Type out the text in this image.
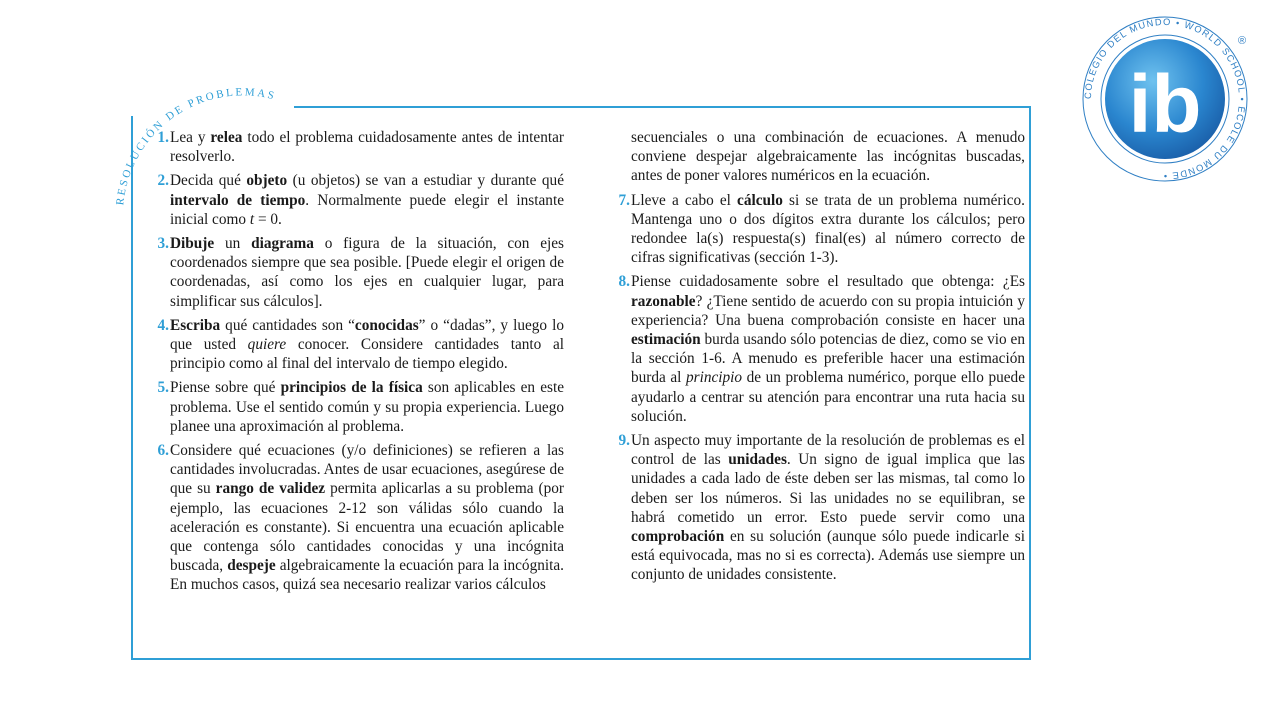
RESOLUCIÓN DE PROBLEMAS
1. Lea y relea todo el problema cuidadosamente antes de intentar resolverlo.
2. Decida qué objeto (u objetos) se van a estudiar y durante qué intervalo de tiempo. Normalmente puede elegir el instante inicial como t = 0.
3. Dibuje un diagrama o figura de la situación, con ejes coordenados siempre que sea posible. [Puede elegir el origen de coordenadas, así como los ejes en cualquier lugar, para simplificar sus cálculos].
4. Escriba qué cantidades son “conocidas” o “dadas”, y luego lo que usted quiere conocer. Considere cantidades tanto al principio como al final del intervalo de tiempo elegido.
5. Piense sobre qué principios de la física son aplicables en este problema. Use el sentido común y su propia experiencia. Luego planee una aproximación al problema.
6. Considere qué ecuaciones (y/o definiciones) se refieren a las cantidades involucradas. Antes de usar ecuaciones, asegúrese de que su rango de validez permita aplicarlas a su problema (por ejemplo, las ecuaciones 2-12 son válidas sólo cuando la aceleración es constante). Si encuentra una ecuación aplicable que contenga sólo cantidades conocidas y una incógnita buscada, despeje algebraicamente la ecuación para la incógnita. En muchos casos, quizá sea necesario realizar varios cálculos
secuenciales o una combinación de ecuaciones. A menudo conviene despejar algebraicamente las incógnitas buscadas, antes de poner valores numéricos en la ecuación.
7. Lleve a cabo el cálculo si se trata de un problema numérico. Mantenga uno o dos dígitos extra durante los cálculos; pero redondee la(s) respuesta(s) final(es) al número correcto de cifras significativas (sección 1-3).
8. Piense cuidadosamente sobre el resultado que obtenga: ¿Es razonable? ¿Tiene sentido de acuerdo con su propia intuición y experiencia? Una buena comprobación consiste en hacer una estimación burda usando sólo potencias de diez, como se vio en la sección 1-6. A menudo es preferible hacer una estimación burda al principio de un problema numérico, porque ello puede ayudarlo a centrar su atención para encontrar una ruta hacia su solución.
9. Un aspecto muy importante de la resolución de problemas es el control de las unidades. Un signo de igual implica que las unidades a cada lado de éste deben ser las mismas, tal como lo deben ser los números. Si las unidades no se equilibran, se habrá cometido un error. Esto puede servir como una comprobación en su solución (aunque sólo puede indicarle si está equivocada, mas no si es correcta). Además use siempre un conjunto de unidades consistente.
COLEGIO DEL MUNDO • WORLD SCHOOL • ÉCOLE DU MONDE •
ib
®
